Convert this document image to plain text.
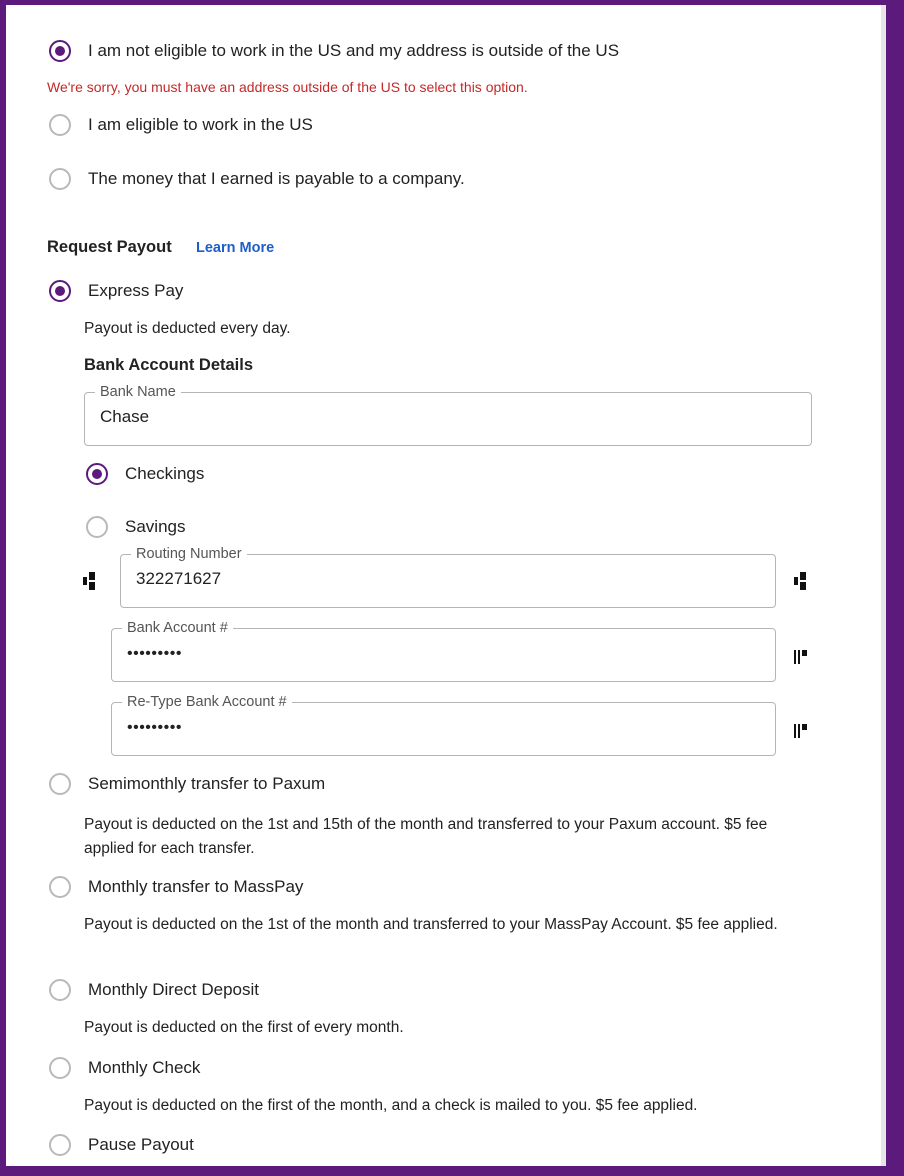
I am not eligible to work in the US and my address is outside of the US
We're sorry, you must have an address outside of the US to select this option.
I am eligible to work in the US
The money that I earned is payable to a company.
Request Payout Learn More
Express Pay
Payout is deducted every day.
Bank Account Details
Bank Name
Chase
Checkings
Savings
Routing Number
322271627
Bank Account #
•••••••••
Re-Type Bank Account #
•••••••••
Semimonthly transfer to Paxum
Payout is deducted on the 1st and 15th of the month and transferred to your Paxum account. $5 fee applied for each transfer.
Monthly transfer to MassPay
Payout is deducted on the 1st of the month and transferred to your MassPay Account. $5 fee applied.
Monthly Direct Deposit
Payout is deducted on the first of every month.
Monthly Check
Payout is deducted on the first of the month, and a check is mailed to you. $5 fee applied.
Pause Payout
